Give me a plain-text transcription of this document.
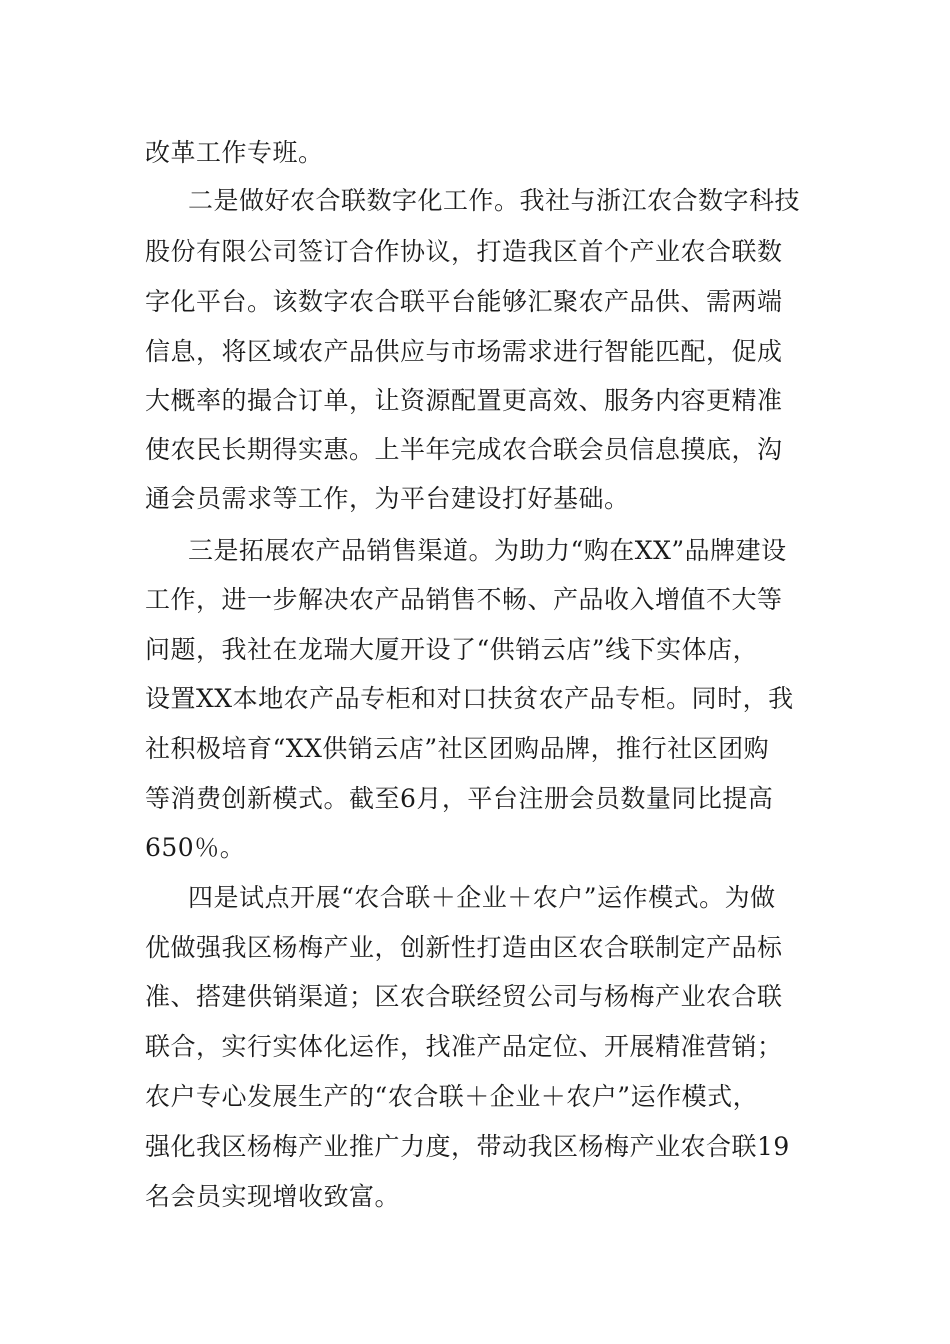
改革工作专班。
二是做好农合联数字化工作。我社与浙江农合数字科技
股份有限公司签订合作协议，打造我区首个产业农合联数
字化平台。该数字农合联平台能够汇聚农产品供、需两端
信息，将区域农产品供应与市场需求进行智能匹配，促成
大概率的撮合订单，让资源配置更高效、服务内容更精准
使农民长期得实惠。上半年完成农合联会员信息摸底，沟
通会员需求等工作，为平台建设打好基础。
三是拓展农产品销售渠道。为助力“购在XX”品牌建设
工作，进一步解决农产品销售不畅、产品收入增值不大等
问题，我社在龙瑞大厦开设了“供销云店”线下实体店，
设置XX本地农产品专柜和对口扶贫农产品专柜。同时，我
社积极培育“XX供销云店”社区团购品牌，推行社区团购
等消费创新模式。截至6月，平台注册会员数量同比提高
650％。
四是试点开展“农合联＋企业＋农户”运作模式。为做
优做强我区杨梅产业，创新性打造由区农合联制定产品标
准、搭建供销渠道；区农合联经贸公司与杨梅产业农合联
联合，实行实体化运作，找准产品定位、开展精准营销；
农户专心发展生产的“农合联＋企业＋农户”运作模式，
强化我区杨梅产业推广力度，带动我区杨梅产业农合联19
名会员实现增收致富。
